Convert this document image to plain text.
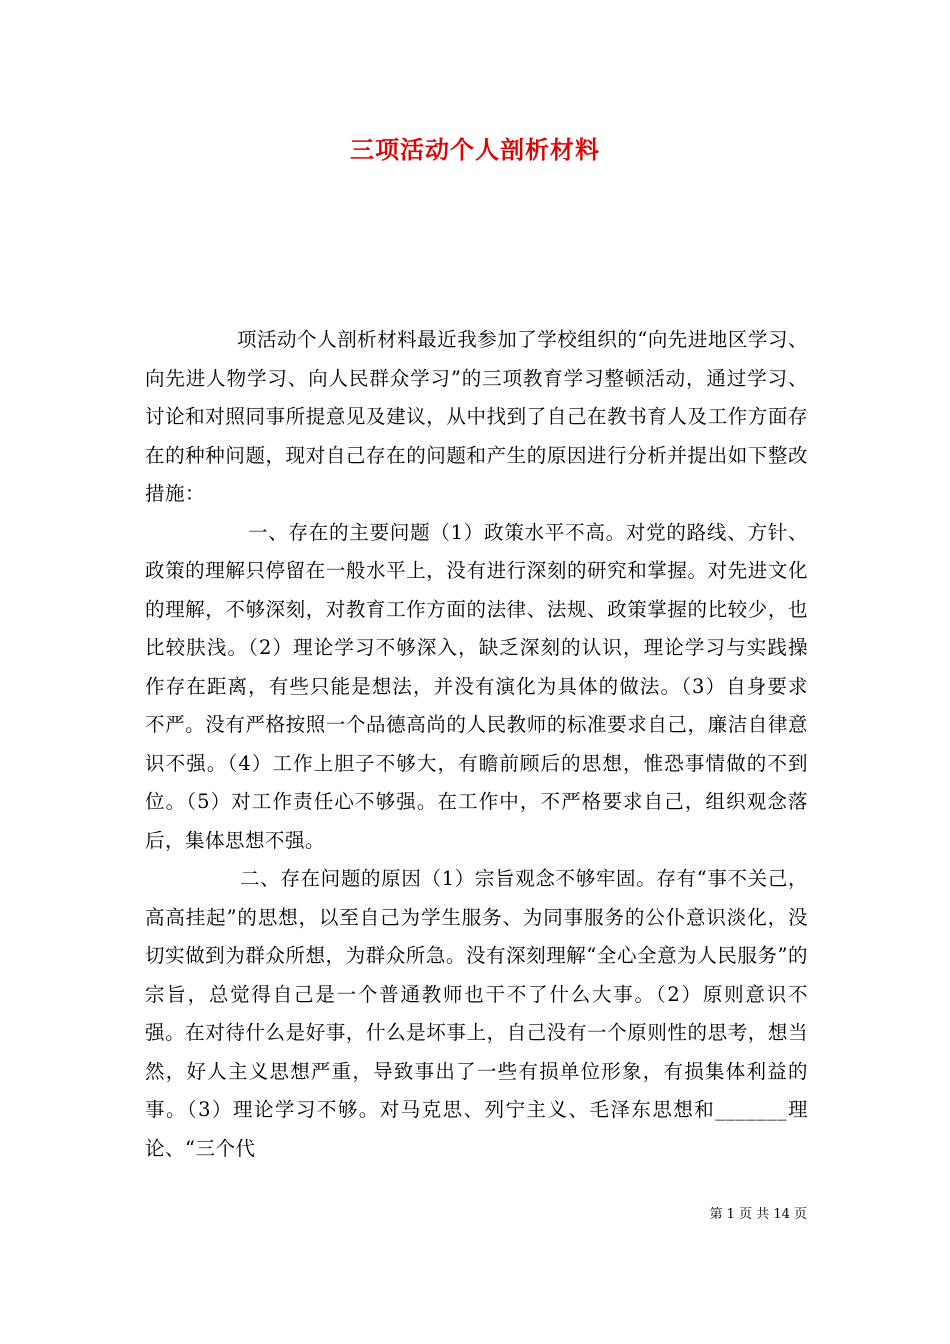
三项活动个人剖析材料

项活动个人剖析材料最近我参加了学校组织的“向先进地区学习、向先进人物学习、向人民群众学习”的三项教育学习整顿活动，通过学习、讨论和对照同事所提意见及建议，从中找到了自己在教书育人及工作方面存在的种种问题，现对自己存在的问题和产生的原因进行分析并提出如下整改措施：

一、存在的主要问题（1）政策水平不高。对党的路线、方针、政策的理解只停留在一般水平上，没有进行深刻的研究和掌握。对先进文化的理解，不够深刻，对教育工作方面的法律、法规、政策掌握的比较少，也比较肤浅。（2）理论学习不够深入，缺乏深刻的认识，理论学习与实践操作存在距离，有些只能是想法，并没有演化为具体的做法。（3）自身要求不严。没有严格按照一个品德高尚的人民教师的标准要求自己，廉洁自律意识不强。（4）工作上胆子不够大，有瞻前顾后的思想，惟恐事情做的不到位。（5）对工作责任心不够强。在工作中，不严格要求自己，组织观念落后，集体思想不强。

二、存在问题的原因（1）宗旨观念不够牢固。存有“事不关己，高高挂起”的思想，以至自己为学生服务、为同事服务的公仆意识淡化，没切实做到为群众所想，为群众所急。没有深刻理解“全心全意为人民服务”的宗旨，总觉得自己是一个普通教师也干不了什么大事。（2）原则意识不强。在对待什么是好事，什么是坏事上，自己没有一个原则性的思考，想当然，好人主义思想严重，导致事出了一些有损单位形象，有损集体利益的事。（3）理论学习不够。对马克思、列宁主义、毛泽东思想和_______理论、“三个代

第 1 页 共 14 页
